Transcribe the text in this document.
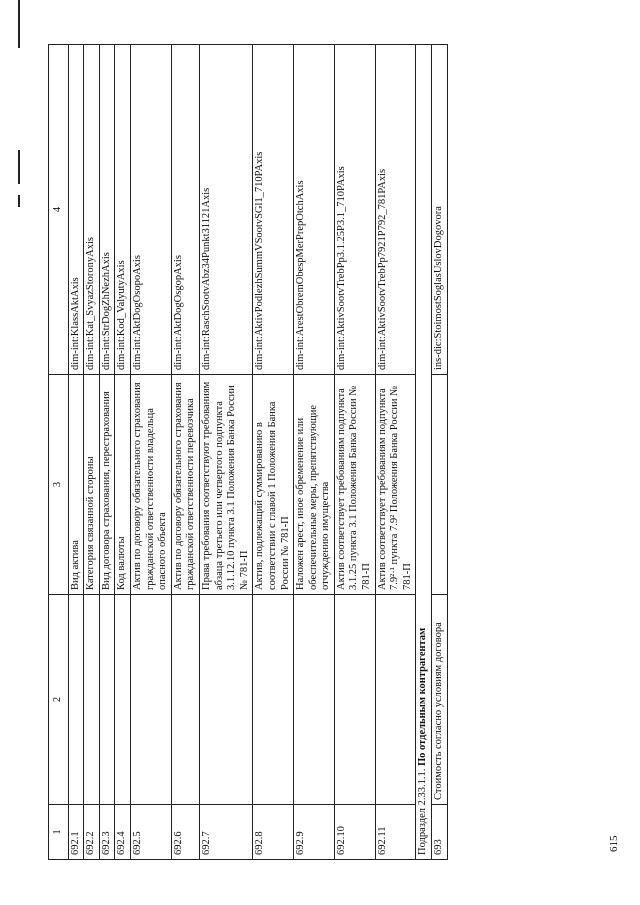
615
1	2	3	4
692.1		Вид актива	dim-int:KlassAktAxis
692.2		Категория связанной стороны	dim-int:Kat_SvyazStoronyAxis
692.3		Вид договора страхования, перестрахования	dim-int:StrDogZhNezhAxis
692.4		Код валюты	dim-int:Kod_ValyutyAxis
692.5		Актив по договору обязательного страхования гражданской ответственности владельца опасного объекта	dim-int:AktDogOsopoAxis
692.6		Актив по договору обязательного страхования гражданской ответственности перевозчика	dim-int:AktDogOsgopAxis
692.7		Права требования соответствуют требованиям абзаца третьего или четвертого подпункта 3.1.12.10 пункта 3.1 Положения Банка России № 781-П	dim-int:RaschSootvAbz34Punkt31121Axis
692.8		Актив, подлежащий суммированию в соответствии с главой 1 Положения Банка России № 781-П	dim-int:AktivPodlezhSummVSootvSGl1_710PAxis
692.9		Наложен арест, иное обременение или обеспечительные меры, препятствующие отчуждению имущества	dim-int:ArestObremObespMerPrepOtchAxis
692.10		Актив соответствует требованиям подпункта 3.1.25 пункта 3.1 Положения Банка России № 781-П	dim-int:AktivSootvTrebPp3.1.25P3.1_710PAxis
692.11		Актив соответствует требованиям подпункта 7.9²·¹ пункта 7.9² Положения Банка России № 781-П	dim-int:AktivSootvTrebPp7921P792_781PAxis
Подраздел 2.33.1.1. По отдельным контрагентам			
693	Стоимость согласно условиям договора		ins-dic:StoimostSoglasUslovDogovora
